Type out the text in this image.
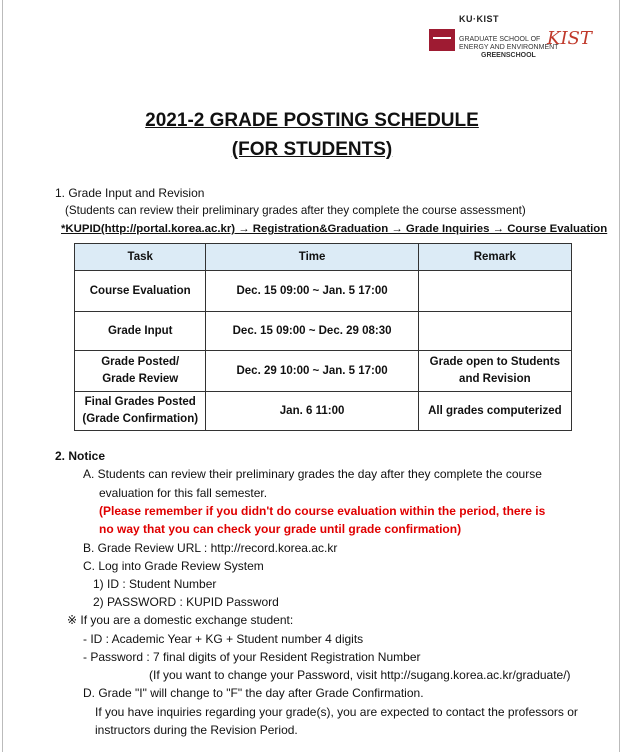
KU·KIST
GRADUATE SCHOOL OF
ENERGY AND ENVIRONMENT
GREENSCHOOL
KIST
2021-2 GRADE POSTING SCHEDULE
(FOR STUDENTS)
1. Grade Input and Revision
(Students can review their preliminary grades after they complete the course assessment)
*KUPID(http://portal.korea.ac.kr) → Registration&Graduation → Grade Inquiries → Course Evaluation
Task	Time	Remark
Course Evaluation	Dec. 15 09:00 ~ Jan. 5 17:00	
Grade Input	Dec. 15 09:00 ~ Dec. 29 08:30	
Grade Posted/
Grade Review	Dec. 29 10:00 ~ Jan. 5 17:00	Grade open to Students
and Revision
Final Grades Posted
(Grade Confirmation)	Jan. 6 11:00	All grades computerized
2. Notice
A. Students can review their preliminary grades the day after they complete the course
evaluation for this fall semester.
(Please remember if you didn't do course evaluation within the period, there is
no way that you can check your grade until grade confirmation)
B. Grade Review URL : http://record.korea.ac.kr
C. Log into Grade Review System
1) ID : Student Number
2) PASSWORD : KUPID Password
※ If you are a domestic exchange student:
- ID : Academic Year + KG + Student number 4 digits
- Password : 7 final digits of your Resident Registration Number
(If you want to change your Password, visit http://sugang.korea.ac.kr/graduate/)
D. Grade "I" will change to "F" the day after Grade Confirmation.
If you have inquiries regarding your grade(s), you are expected to contact the professors or
instructors during the Revision Period.
